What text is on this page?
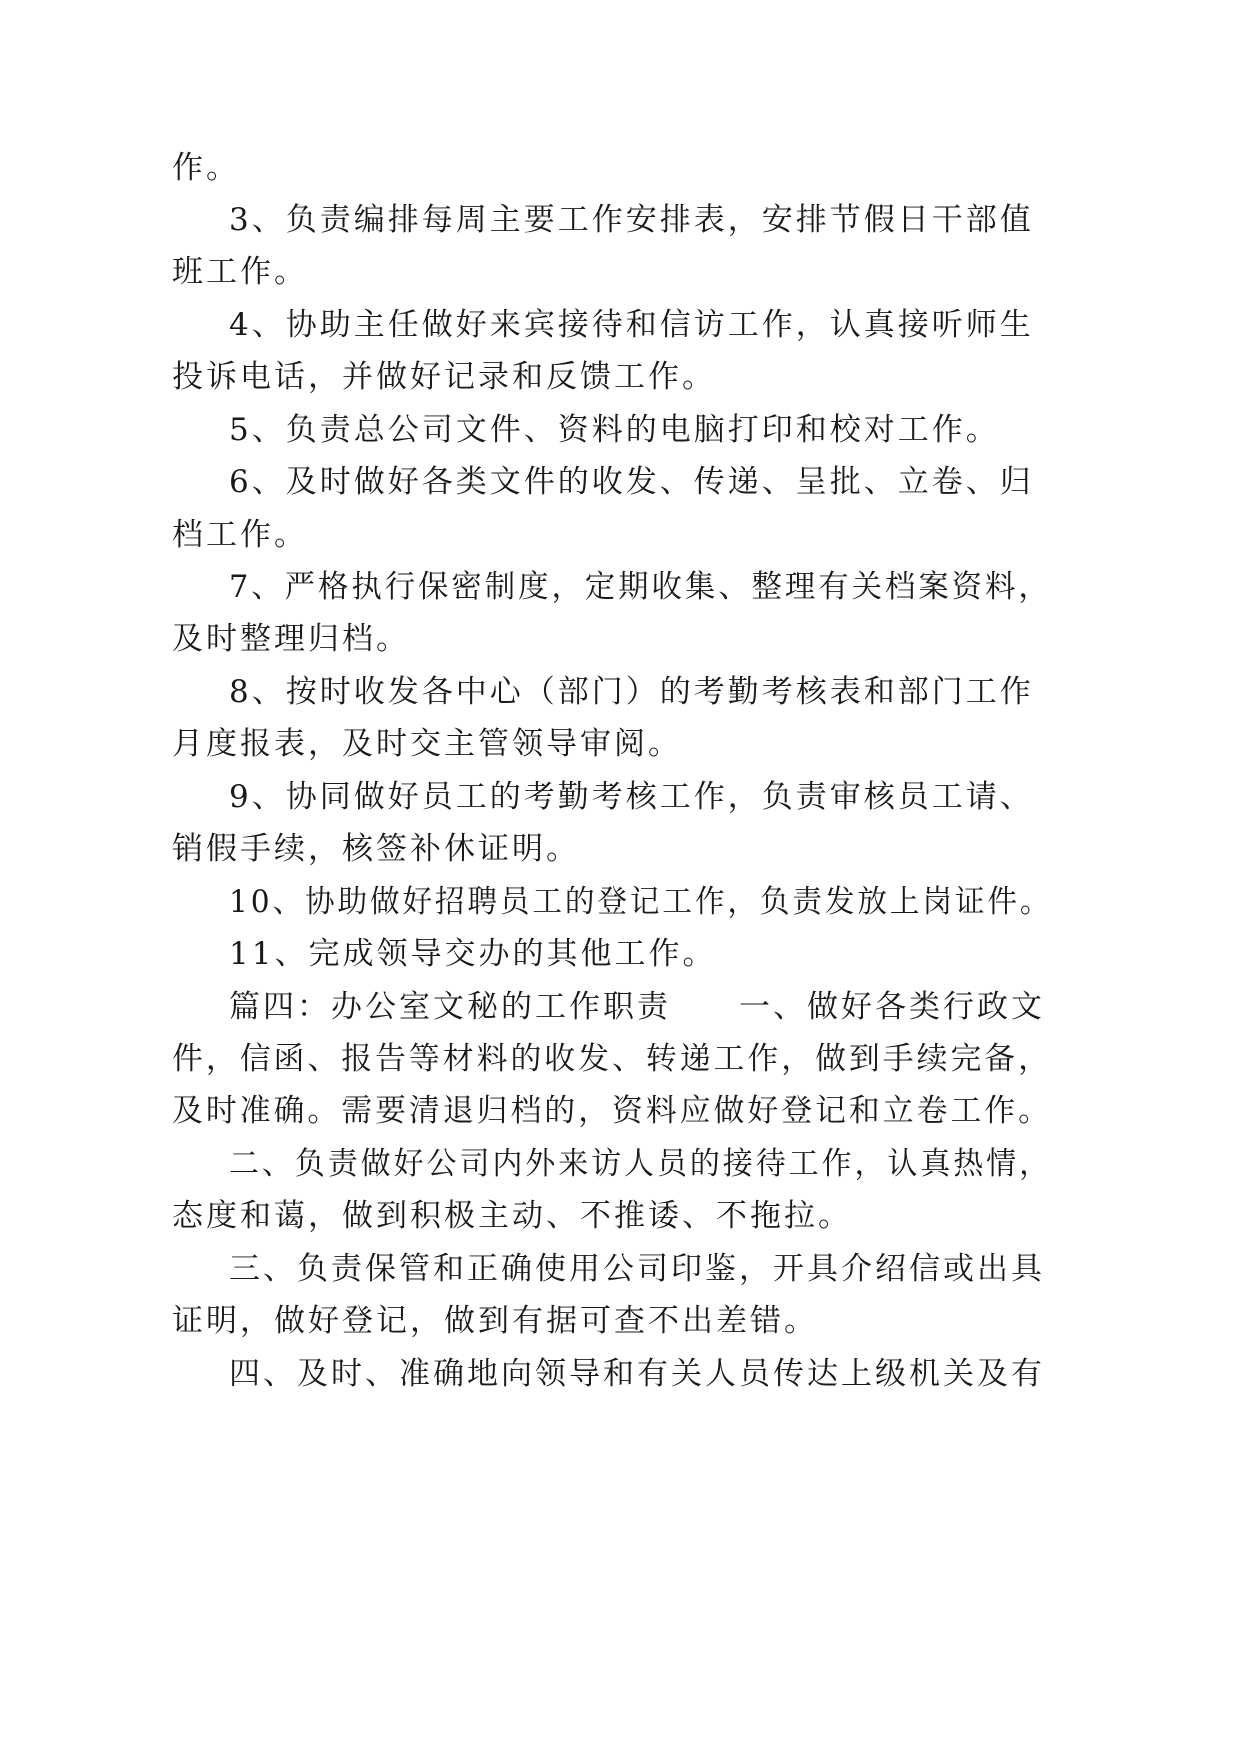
作。
3、负责编排每周主要工作安排表，安排节假日干部值
班工作。
4、协助主任做好来宾接待和信访工作，认真接听师生
投诉电话，并做好记录和反馈工作。
5、负责总公司文件、资料的电脑打印和校对工作。
6、及时做好各类文件的收发、传递、呈批、立卷、归
档工作。
7、严格执行保密制度，定期收集、整理有关档案资料，
及时整理归档。
8、按时收发各中心（部门）的考勤考核表和部门工作
月度报表，及时交主管领导审阅。
9、协同做好员工的考勤考核工作，负责审核员工请、
销假手续，核签补休证明。
10、协助做好招聘员工的登记工作，负责发放上岗证件。
11、完成领导交办的其他工作。
篇四：办公室文秘的工作职责　　一、做好各类行政文
件，信函、报告等材料的收发、转递工作，做到手续完备，
及时准确。需要清退归档的，资料应做好登记和立卷工作。
二、负责做好公司内外来访人员的接待工作，认真热情，
态度和蔼，做到积极主动、不推诿、不拖拉。
三、负责保管和正确使用公司印鉴，开具介绍信或出具
证明，做好登记，做到有据可查不出差错。
四、及时、准确地向领导和有关人员传达上级机关及有
